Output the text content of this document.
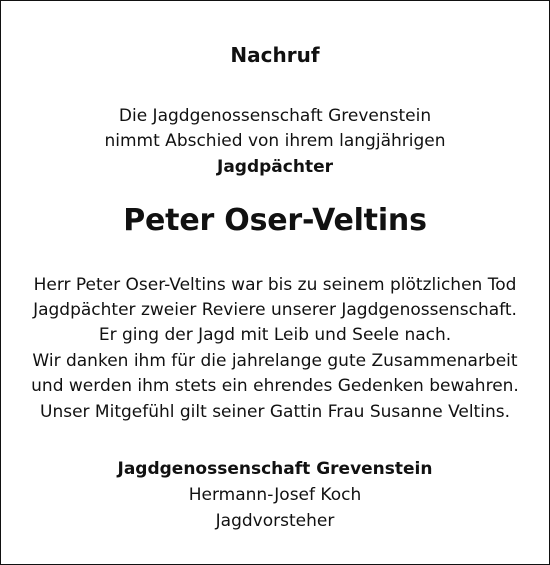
Nachruf
Die Jagdgenossenschaft Grevenstein
nimmt Abschied von ihrem langjährigen
Jagdpächter
Peter Oser-Veltins
Herr Peter Oser-Veltins war bis zu seinem plötzlichen Tod
Jagdpächter zweier Reviere unserer Jagdgenossenschaft.
Er ging der Jagd mit Leib und Seele nach.
Wir danken ihm für die jahrelange gute Zusammenarbeit
und werden ihm stets ein ehrendes Gedenken bewahren.
Unser Mitgefühl gilt seiner Gattin Frau Susanne Veltins.
Jagdgenossenschaft Grevenstein
Hermann-Josef Koch
Jagdvorsteher
